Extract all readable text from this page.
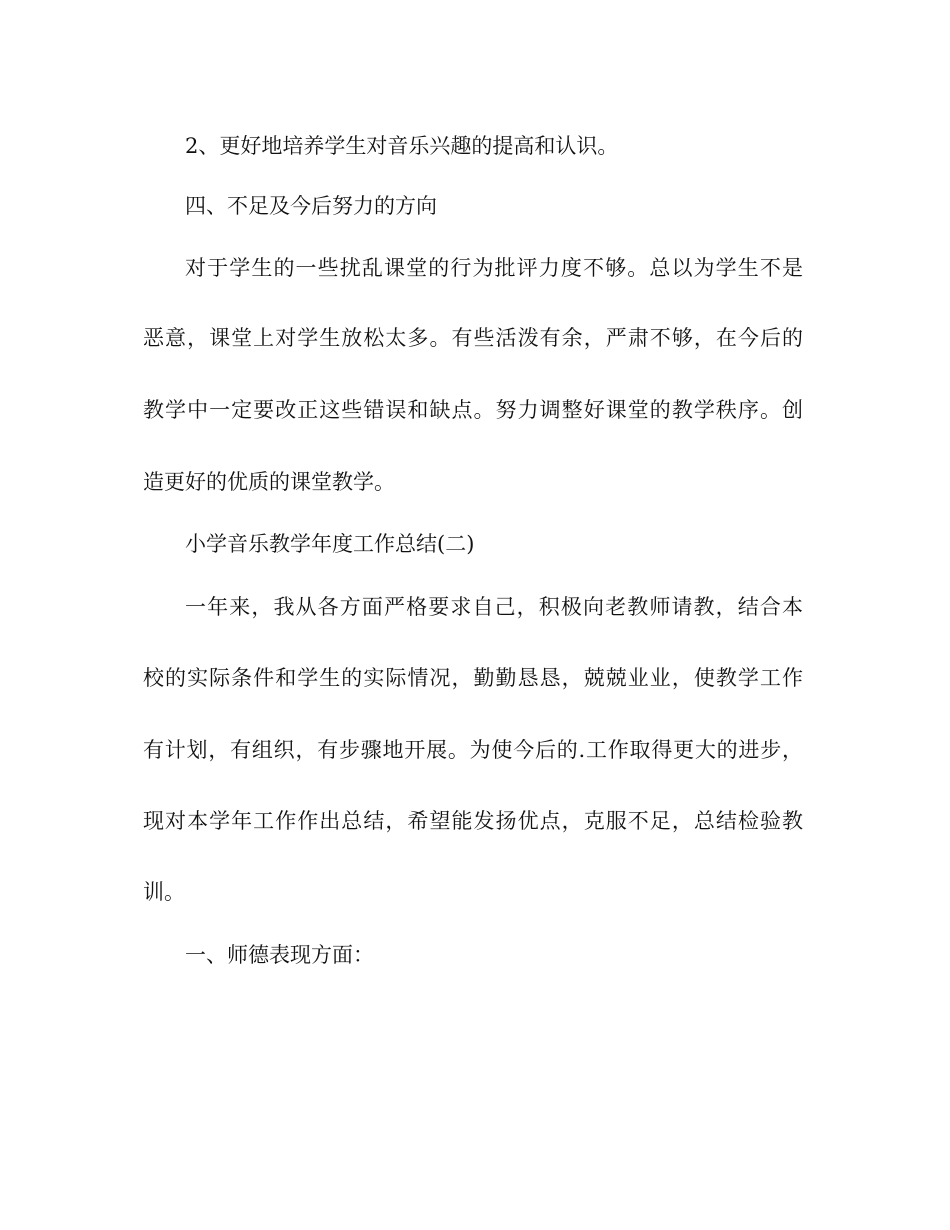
2、更好地培养学生对音乐兴趣的提高和认识。

四、不足及今后努力的方向

对于学生的一些扰乱课堂的行为批评力度不够。总以为学生不是

恶意，课堂上对学生放松太多。有些活泼有余，严肃不够，在今后的

教学中一定要改正这些错误和缺点。努力调整好课堂的教学秩序。创

造更好的优质的课堂教学。

小学音乐教学年度工作总结(二)

一年来，我从各方面严格要求自己，积极向老教师请教，结合本

校的实际条件和学生的实际情况，勤勤恳恳，兢兢业业，使教学工作

有计划，有组织，有步骤地开展。为使今后的.工作取得更大的进步，

现对本学年工作作出总结，希望能发扬优点，克服不足，总结检验教

训。

一、师德表现方面：
